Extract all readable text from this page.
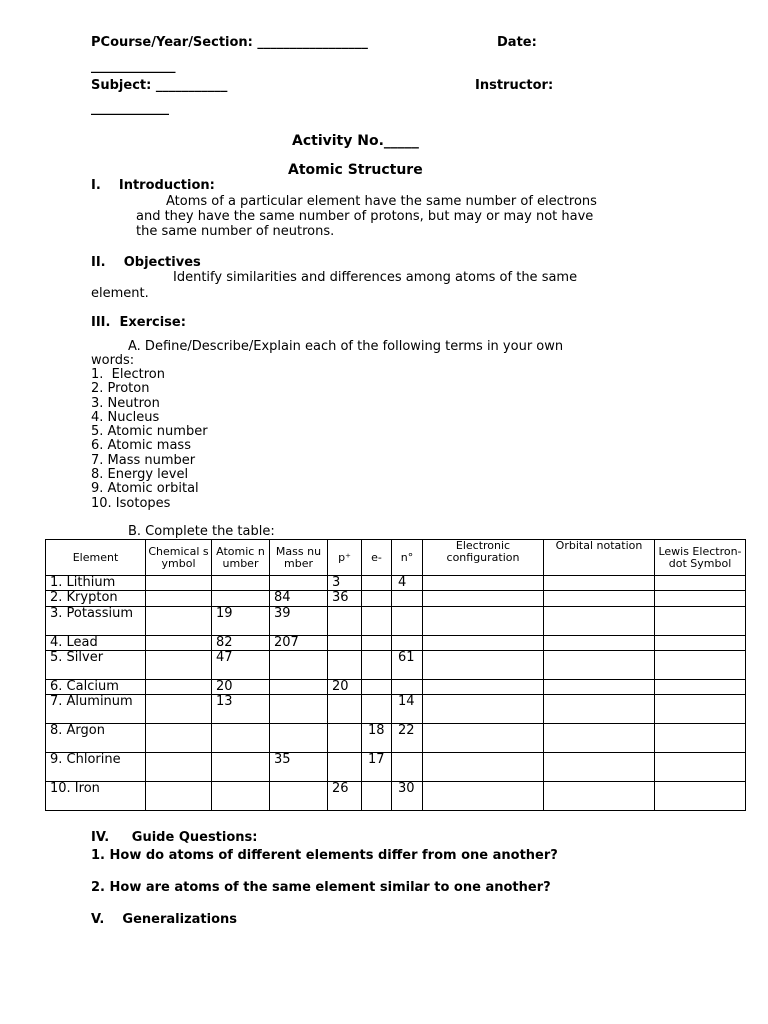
PCourse/Year/Section: _________________	Date:
_____________
Subject: ___________	Instructor:
____________
Activity No._____
Atomic Structure
I.    Introduction:
Atoms of a particular element have the same number of electrons
and they have the same number of protons, but may or may not have
the same number of neutrons.
II.    Objectives
Identify similarities and differences among atoms of the same
element.
III.  Exercise:
A. Define/Describe/Explain each of the following terms in your own
words:
1.  Electron
2. Proton
3. Neutron
4. Nucleus
5. Atomic number
6. Atomic mass
7. Mass number
8. Energy level
9. Atomic orbital
10. Isotopes
B. Complete the table:
Element	Chemical symbol	Atomic number	Mass number	p⁺	e-	n°	Electronic configuration	Orbital notation	Lewis Electron-dot Symbol
1. Lithium				3		4			
2. Krypton			84	36					
3. Potassium		19	39						
4. Lead		82	207						
5. Silver		47				61			
6. Calcium		20		20					
7. Aluminum		13				14			
8. Argon					18	22			
9. Chlorine			35		17				
10. Iron				26		30			
IV.     Guide Questions:
1. How do atoms of different elements differ from one another?
2. How are atoms of the same element similar to one another?
V.    Generalizations
